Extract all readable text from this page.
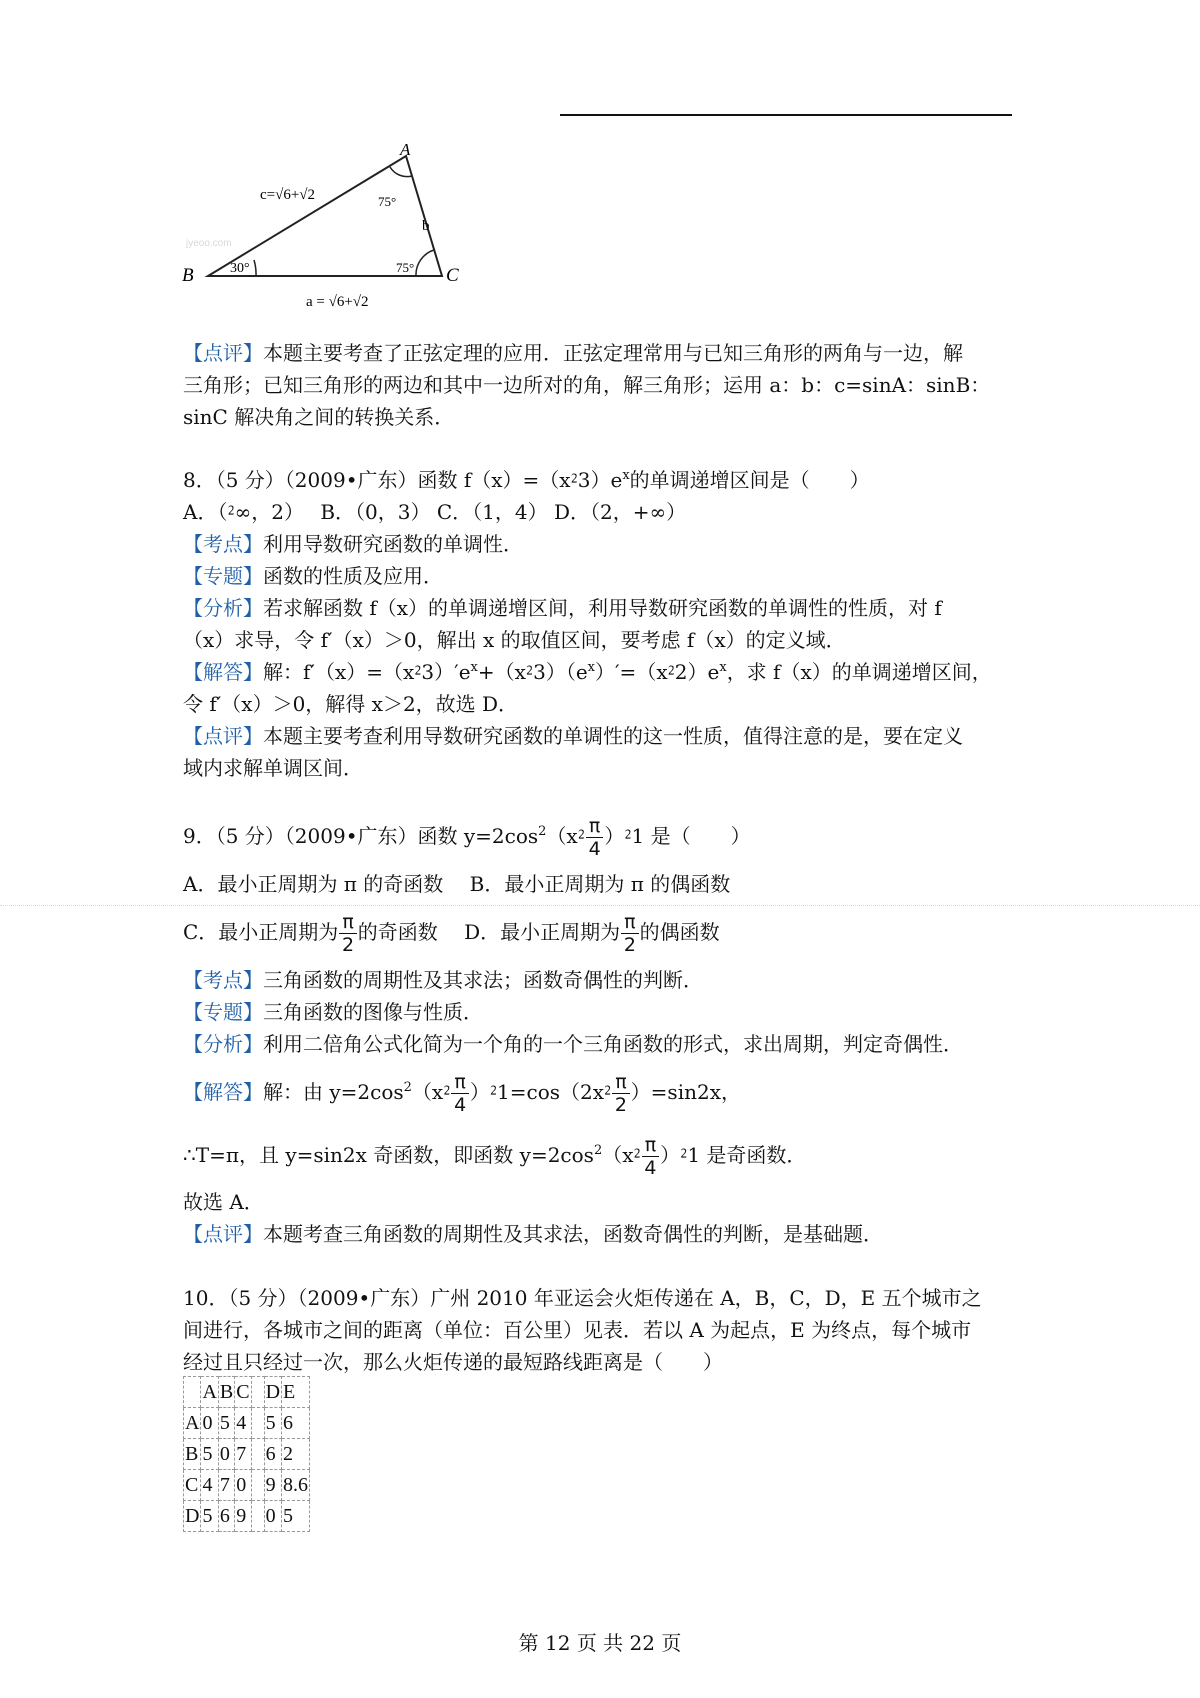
B	C
A
c=√6+√2
b
a = √6+√2
75°
30°	75°
jyeoo.com
【点评】本题主要考查了正弦定理的应用．正弦定理常用与已知三角形的两角与一边，解
三角形；已知三角形的两边和其中一边所对的角，解三角形；运用 a：b：c=sinA：sinB：
sinC 解决角之间的转换关系．
8．（5 分）（2009•广东）函数 $f(x)=(x⁲3)e^x$的单调递增区间是（　　）
A．（⁲∞，2）　 B．（0，3） C．（1，4） D．（2，+∞）
【考点】利用导数研究函数的单调性．
【专题】函数的性质及应用．
【分析】若求解函数 f（x）的单调递增区间，利用导数研究函数的单调性的性质，对 f
（x）求导，令 f′（x）＞0，解出 x 的取值区间，要考虑 f（x）的定义域．
【解答】解：$f'(x)=(x⁲3)'e^x+(x⁲3)(e^x)'=(x⁲2)e^x$，求 f（x）的单调递增区间，
令 f′（x）＞0，解得 x＞2，故选 D．
【点评】本题主要考查利用导数研究函数的单调性的这一性质，值得注意的是，要在定义
域内求解单调区间．
9．（5 分）（2009•广东）函数 $y=2\cos^2(x⁲ \frac{\pi}{4}$ ）⁲1 是（　　）
A．最小正周期为 π 的奇函数　 B．最小正周期为 π 的偶函数
C．最小正周期为 $\frac{\pi}{2}$ 的奇函数　 D．最小正周期为 $\frac{\pi}{2}$ 的偶函数
【考点】三角函数的周期性及其求法；函数奇偶性的判断．
【专题】三角函数的图像与性质．
【分析】利用二倍角公式化简为一个角的一个三角函数的形式，求出周期，判定奇偶性．
【解答】解：由 $y=2\cos^2(x⁲ \frac{\pi}{4}$ ）⁲1=cos（2x⁲ $\frac{\pi}{2} )=\sin 2x$，
∴T=π，且 y=sin2x 奇函数，即函数 $y=2\cos^2(x⁲ \frac{\pi}{4}$ ）⁲1 是奇函数．
故选 A．
【点评】本题考查三角函数的周期性及其求法，函数奇偶性的判断，是基础题．
10．（5 分）（2009•广东）广州 2010 年亚运会火炬传递在 A，B，C，D，E 五个城市之
间进行，各城市之间的距离（单位：百公里）见表．若以 A 为起点，E 为终点，每个城市
经过且只经过一次，那么火炬传递的最短路线距离是（　　）
	A	B	C		D	E
A	0	5	4		5	6
B	5	0	7		6	2
C	4	7	0		9	8.6
D	5	6	9		0	5
第 12 页 共 22 页
